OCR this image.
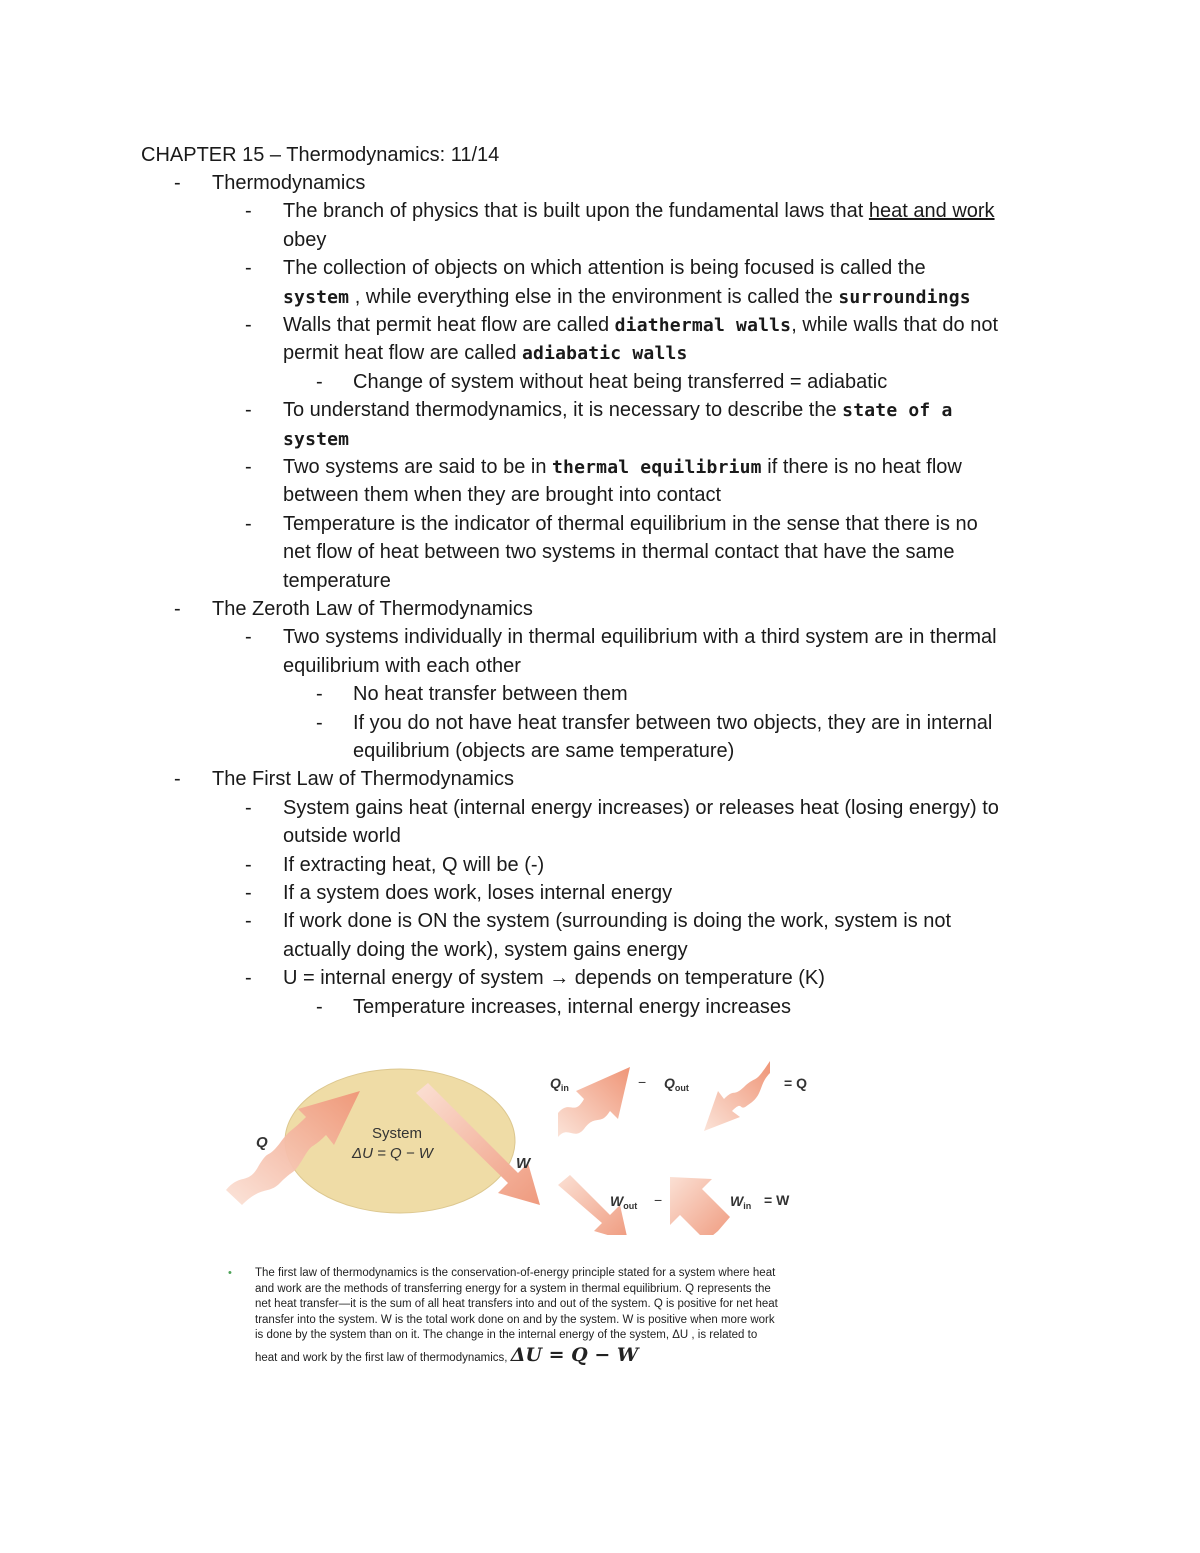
CHAPTER 15 – Thermodynamics: 11/14
- Thermodynamics
- The branch of physics that is built upon the fundamental laws that heat and work
obey
- The collection of objects on which attention is being focused is called the
system , while everything else in the environment is called the surroundings
- Walls that permit heat flow are called diathermal walls, while walls that do not
permit heat flow are called adiabatic walls
- Change of system without heat being transferred = adiabatic
- To understand thermodynamics, it is necessary to describe the state of a
system
- Two systems are said to be in thermal equilibrium if there is no heat flow
between them when they are brought into contact
- Temperature is the indicator of thermal equilibrium in the sense that there is no
net flow of heat between two systems in thermal contact that have the same
temperature
- The Zeroth Law of Thermodynamics
- Two systems individually in thermal equilibrium with a third system are in thermal
equilibrium with each other
- No heat transfer between them
- If you do not have heat transfer between two objects, they are in internal
equilibrium (objects are same temperature)
- The First Law of Thermodynamics
- System gains heat (internal energy increases) or releases heat (losing energy) to
outside world
- If extracting heat, Q will be (-)
- If a system does work, loses internal energy
- If work done is ON the system (surrounding is doing the work, system is not
actually doing the work), system gains energy
- U = internal energy of system → depends on temperature (K)
- Temperature increases, internal energy increases
Q
System
ΔU = Q − W
W
$Q_{in}$	− $Q_{out}$	= Q
$W_{out}$ −	$W_{in} = W$
• The first law of thermodynamics is the conservation-of-energy principle stated for a system where heat
and work are the methods of transferring energy for a system in thermal equilibrium. Q represents the
net heat transfer—it is the sum of all heat transfers into and out of the system. Q is positive for net heat
transfer into the system. W is the total work done on and by the system. W is positive when more work
is done by the system than on it. The change in the internal energy of the system, ΔU , is related to
heat and work by the first law of thermodynamics, ΔU = Q − W
